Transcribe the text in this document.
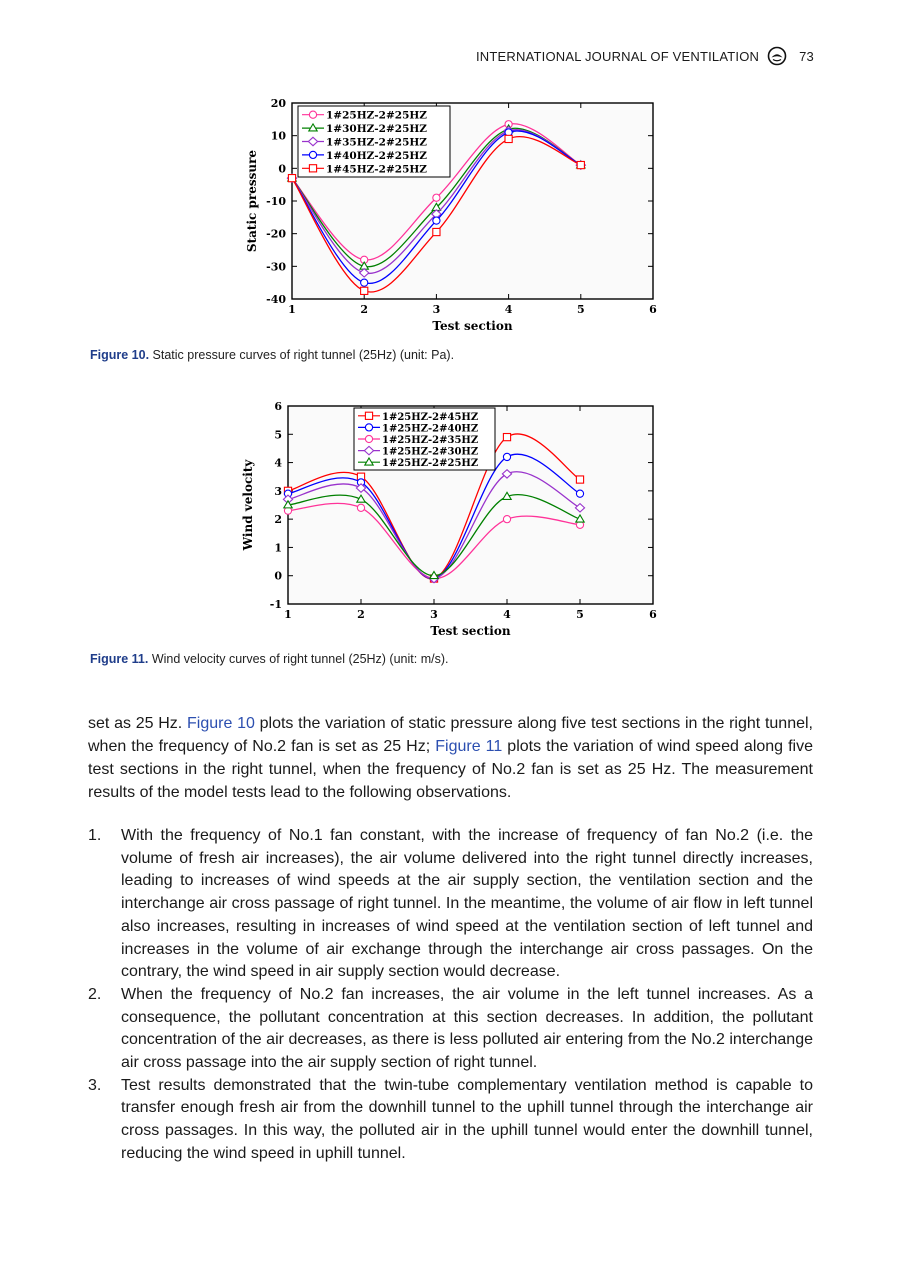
INTERNATIONAL JOURNAL OF VENTILATION	73
1	2	3	4	5	6
-40
-30
-20
-10
0
10
20
Test section
Static pressure
1#25HZ-2#25HZ
1#30HZ-2#25HZ
1#35HZ-2#25HZ
1#40HZ-2#25HZ
1#45HZ-2#25HZ
Figure 10. Static pressure curves of right tunnel (25Hz) (unit: Pa).
1	2	3	4	5	6
-1
0
1
2
3
4
5
6
Test section
Wind velocity
1#25HZ-2#45HZ
1#25HZ-2#40HZ
1#25HZ-2#35HZ
1#25HZ-2#30HZ
1#25HZ-2#25HZ
Figure 11. Wind velocity curves of right tunnel (25Hz) (unit: m/s).
set as 25 Hz. Figure 10 plots the variation of static pressure along five test sections in the right tunnel, when the frequency of No.2 fan is set as 25 Hz; Figure 11 plots the variation of wind speed along five test sections in the right tunnel, when the frequency of No.2 fan is set as 25 Hz. The measurement results of the model tests lead to the following observations.
1. With the frequency of No.1 fan constant, with the increase of frequency of fan No.2 (i.e. the volume of fresh air increases), the air volume delivered into the right tunnel directly increases, leading to increases of wind speeds at the air supply section, the ventilation section and the interchange air cross passage of right tunnel. In the meantime, the volume of air flow in left tunnel also increases, resulting in increases of wind speed at the ventilation section of left tunnel and increases in the volume of air exchange through the interchange air cross passages. On the contrary, the wind speed in air supply section would decrease.
2. When the frequency of No.2 fan increases, the air volume in the left tunnel increases. As a consequence, the pollutant concentration at this section decreases. In addition, the pollutant concentration of the air decreases, as there is less polluted air entering from the No.2 interchange air cross passage into the air supply section of right tunnel.
3. Test results demonstrated that the twin-tube complementary ventilation method is capable to transfer enough fresh air from the downhill tunnel to the uphill tunnel through the interchange air cross passages. In this way, the polluted air in the uphill tunnel would enter the downhill tunnel, reducing the wind speed in uphill tunnel.
